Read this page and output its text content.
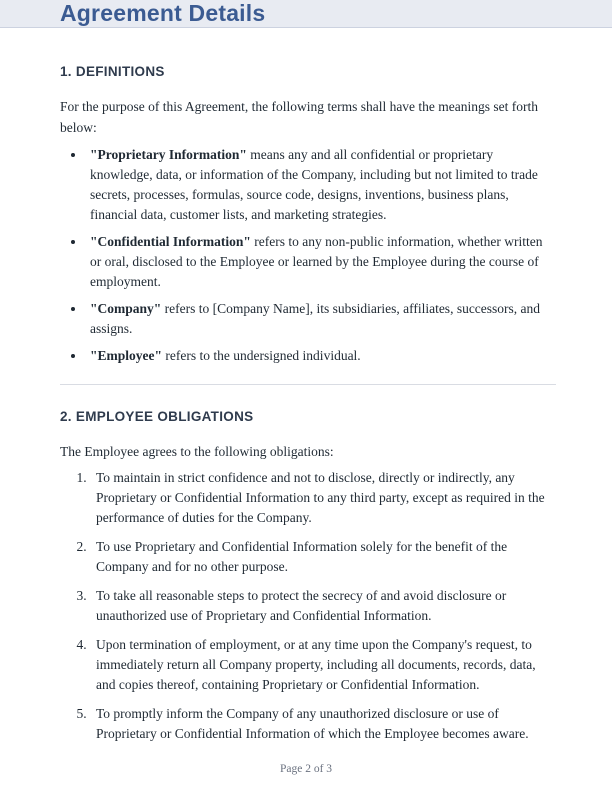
Agreement Details
1. DEFINITIONS

For the purpose of this Agreement, the following terms shall have the meanings set forth below:

• "Proprietary Information" means any and all confidential or proprietary knowledge, data, or information of the Company, including but not limited to trade secrets, processes, formulas, source code, designs, inventions, business plans, financial data, customer lists, and marketing strategies.
• "Confidential Information" refers to any non-public information, whether written or oral, disclosed to the Employee or learned by the Employee during the course of employment.
• "Company" refers to [Company Name], its subsidiaries, affiliates, successors, and assigns.
• "Employee" refers to the undersigned individual.
2. EMPLOYEE OBLIGATIONS

The Employee agrees to the following obligations:

1. To maintain in strict confidence and not to disclose, directly or indirectly, any Proprietary or Confidential Information to any third party, except as required in the performance of duties for the Company.
2. To use Proprietary and Confidential Information solely for the benefit of the Company and for no other purpose.
3. To take all reasonable steps to protect the secrecy of and avoid disclosure or unauthorized use of Proprietary and Confidential Information.
4. Upon termination of employment, or at any time upon the Company's request, to immediately return all Company property, including all documents, records, data, and copies thereof, containing Proprietary or Confidential Information.
5. To promptly inform the Company of any unauthorized disclosure or use of Proprietary or Confidential Information of which the Employee becomes aware.
Page 2 of 3
